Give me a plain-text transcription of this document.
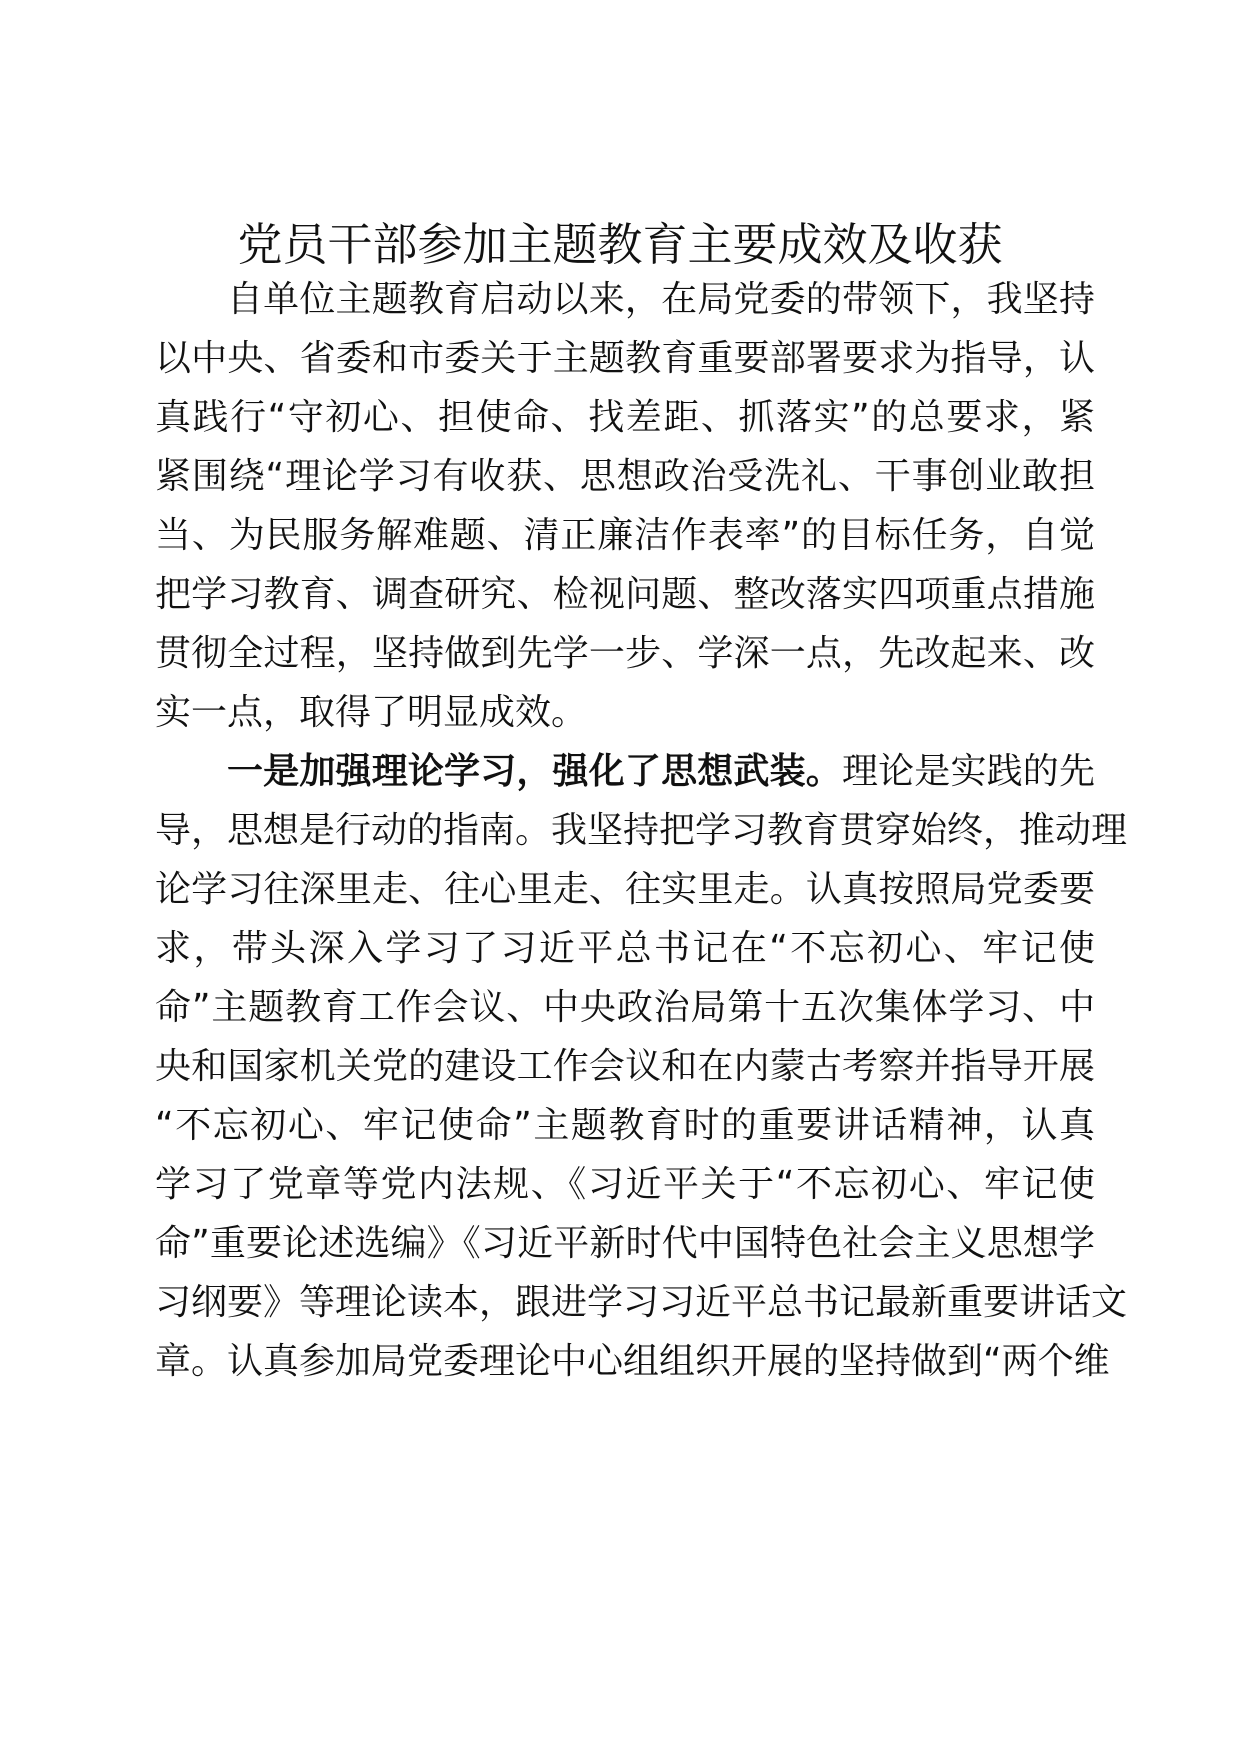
党员干部参加主题教育主要成效及收获

自单位主题教育启动以来，在局党委的带领下，我坚持

以中央、省委和市委关于主题教育重要部署要求为指导，认

真践行“守初心、担使命、找差距、抓落实”的总要求，紧

紧围绕“理论学习有收获、思想政治受洗礼、干事创业敢担

当、为民服务解难题、清正廉洁作表率”的目标任务，自觉

把学习教育、调查研究、检视问题、整改落实四项重点措施

贯彻全过程，坚持做到先学一步、学深一点，先改起来、改

实一点，取得了明显成效。

一是加强理论学习，强化了思想武装。理论是实践的先

导，思想是行动的指南。我坚持把学习教育贯穿始终，推动理

论学习往深里走、往心里走、往实里走。认真按照局党委要

求，带头深入学习了习近平总书记在“不忘初心、牢记使

命”主题教育工作会议、中央政治局第十五次集体学习、中

央和国家机关党的建设工作会议和在内蒙古考察并指导开展

“不忘初心、牢记使命”主题教育时的重要讲话精神，认真

学习了党章等党内法规、《习近平关于“不忘初心、牢记使

命”重要论述选编》《习近平新时代中国特色社会主义思想学

习纲要》等理论读本，跟进学习习近平总书记最新重要讲话文

章。认真参加局党委理论中心组组织开展的坚持做到“两个维
